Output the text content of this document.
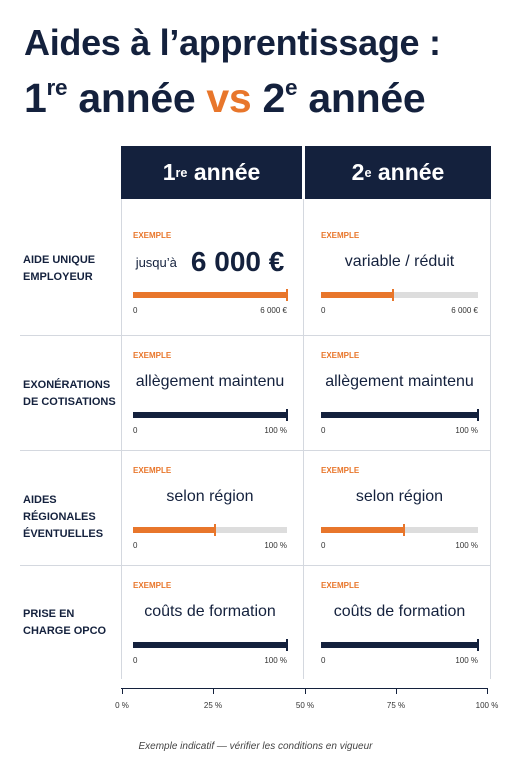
Aides à l’apprentissage :
1re année vs 2e année
1 re année	2 e année
AIDE UNIQUE EMPLOYEUR
EXEMPLE
jusqu’à 6 000 €
0	6 000 €
EXEMPLE
variable / réduit
0	6 000 €
EXONÉRATIONS DE COTISATIONS
EXEMPLE
allègement maintenu
0	100 %
EXEMPLE
allègement maintenu
0	100 %
AIDES RÉGIONALES ÉVENTUELLES
EXEMPLE
selon région
0	100 %
EXEMPLE
selon région
0	100 %
PRISE EN CHARGE OPCO
EXEMPLE
coûts de formation
0	100 %
EXEMPLE
coûts de formation
0	100 %
0 %	25 %	50 %	75 %	100 %
Exemple indicatif — vérifier les conditions en vigueur
